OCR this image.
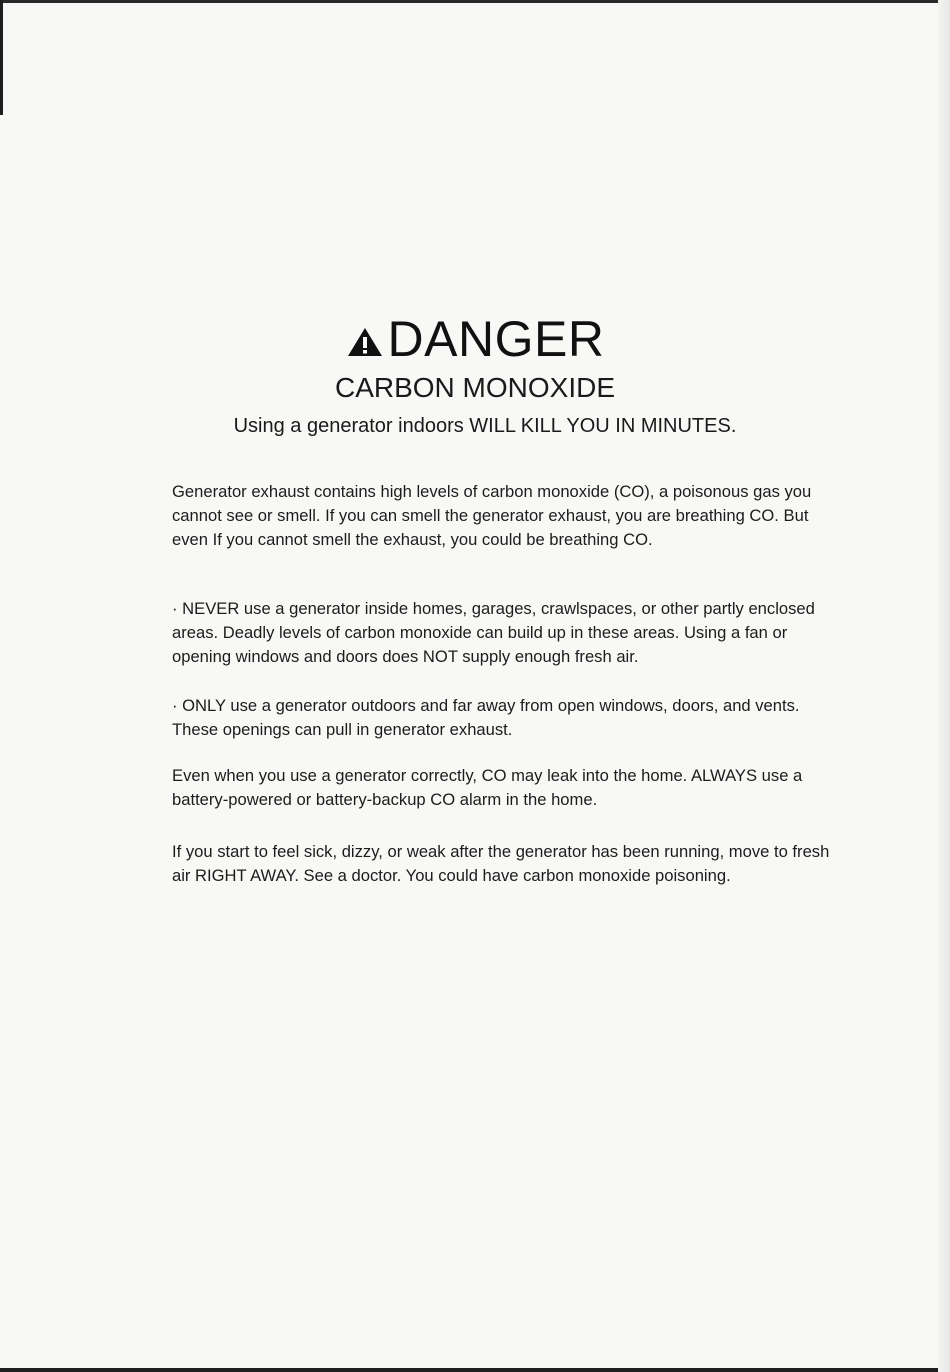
DANGER
CARBON MONOXIDE
Using a generator indoors WILL KILL YOU IN MINUTES.

Generator exhaust contains high levels of carbon monoxide (CO), a poisonous gas you cannot see or smell. If you can smell the generator exhaust, you are breathing CO. But even If you cannot smell the exhaust, you could be breathing CO.

· NEVER use a generator inside homes, garages, crawlspaces, or other partly enclosed areas. Deadly levels of carbon monoxide can build up in these areas. Using a fan or opening windows and doors does NOT supply enough fresh air.

· ONLY use a generator outdoors and far away from open windows, doors, and vents. These openings can pull in generator exhaust.

Even when you use a generator correctly, CO may leak into the home. ALWAYS use a battery-powered or battery-backup CO alarm in the home.

If you start to feel sick, dizzy, or weak after the generator has been running, move to fresh air RIGHT AWAY. See a doctor. You could have carbon monoxide poisoning.
